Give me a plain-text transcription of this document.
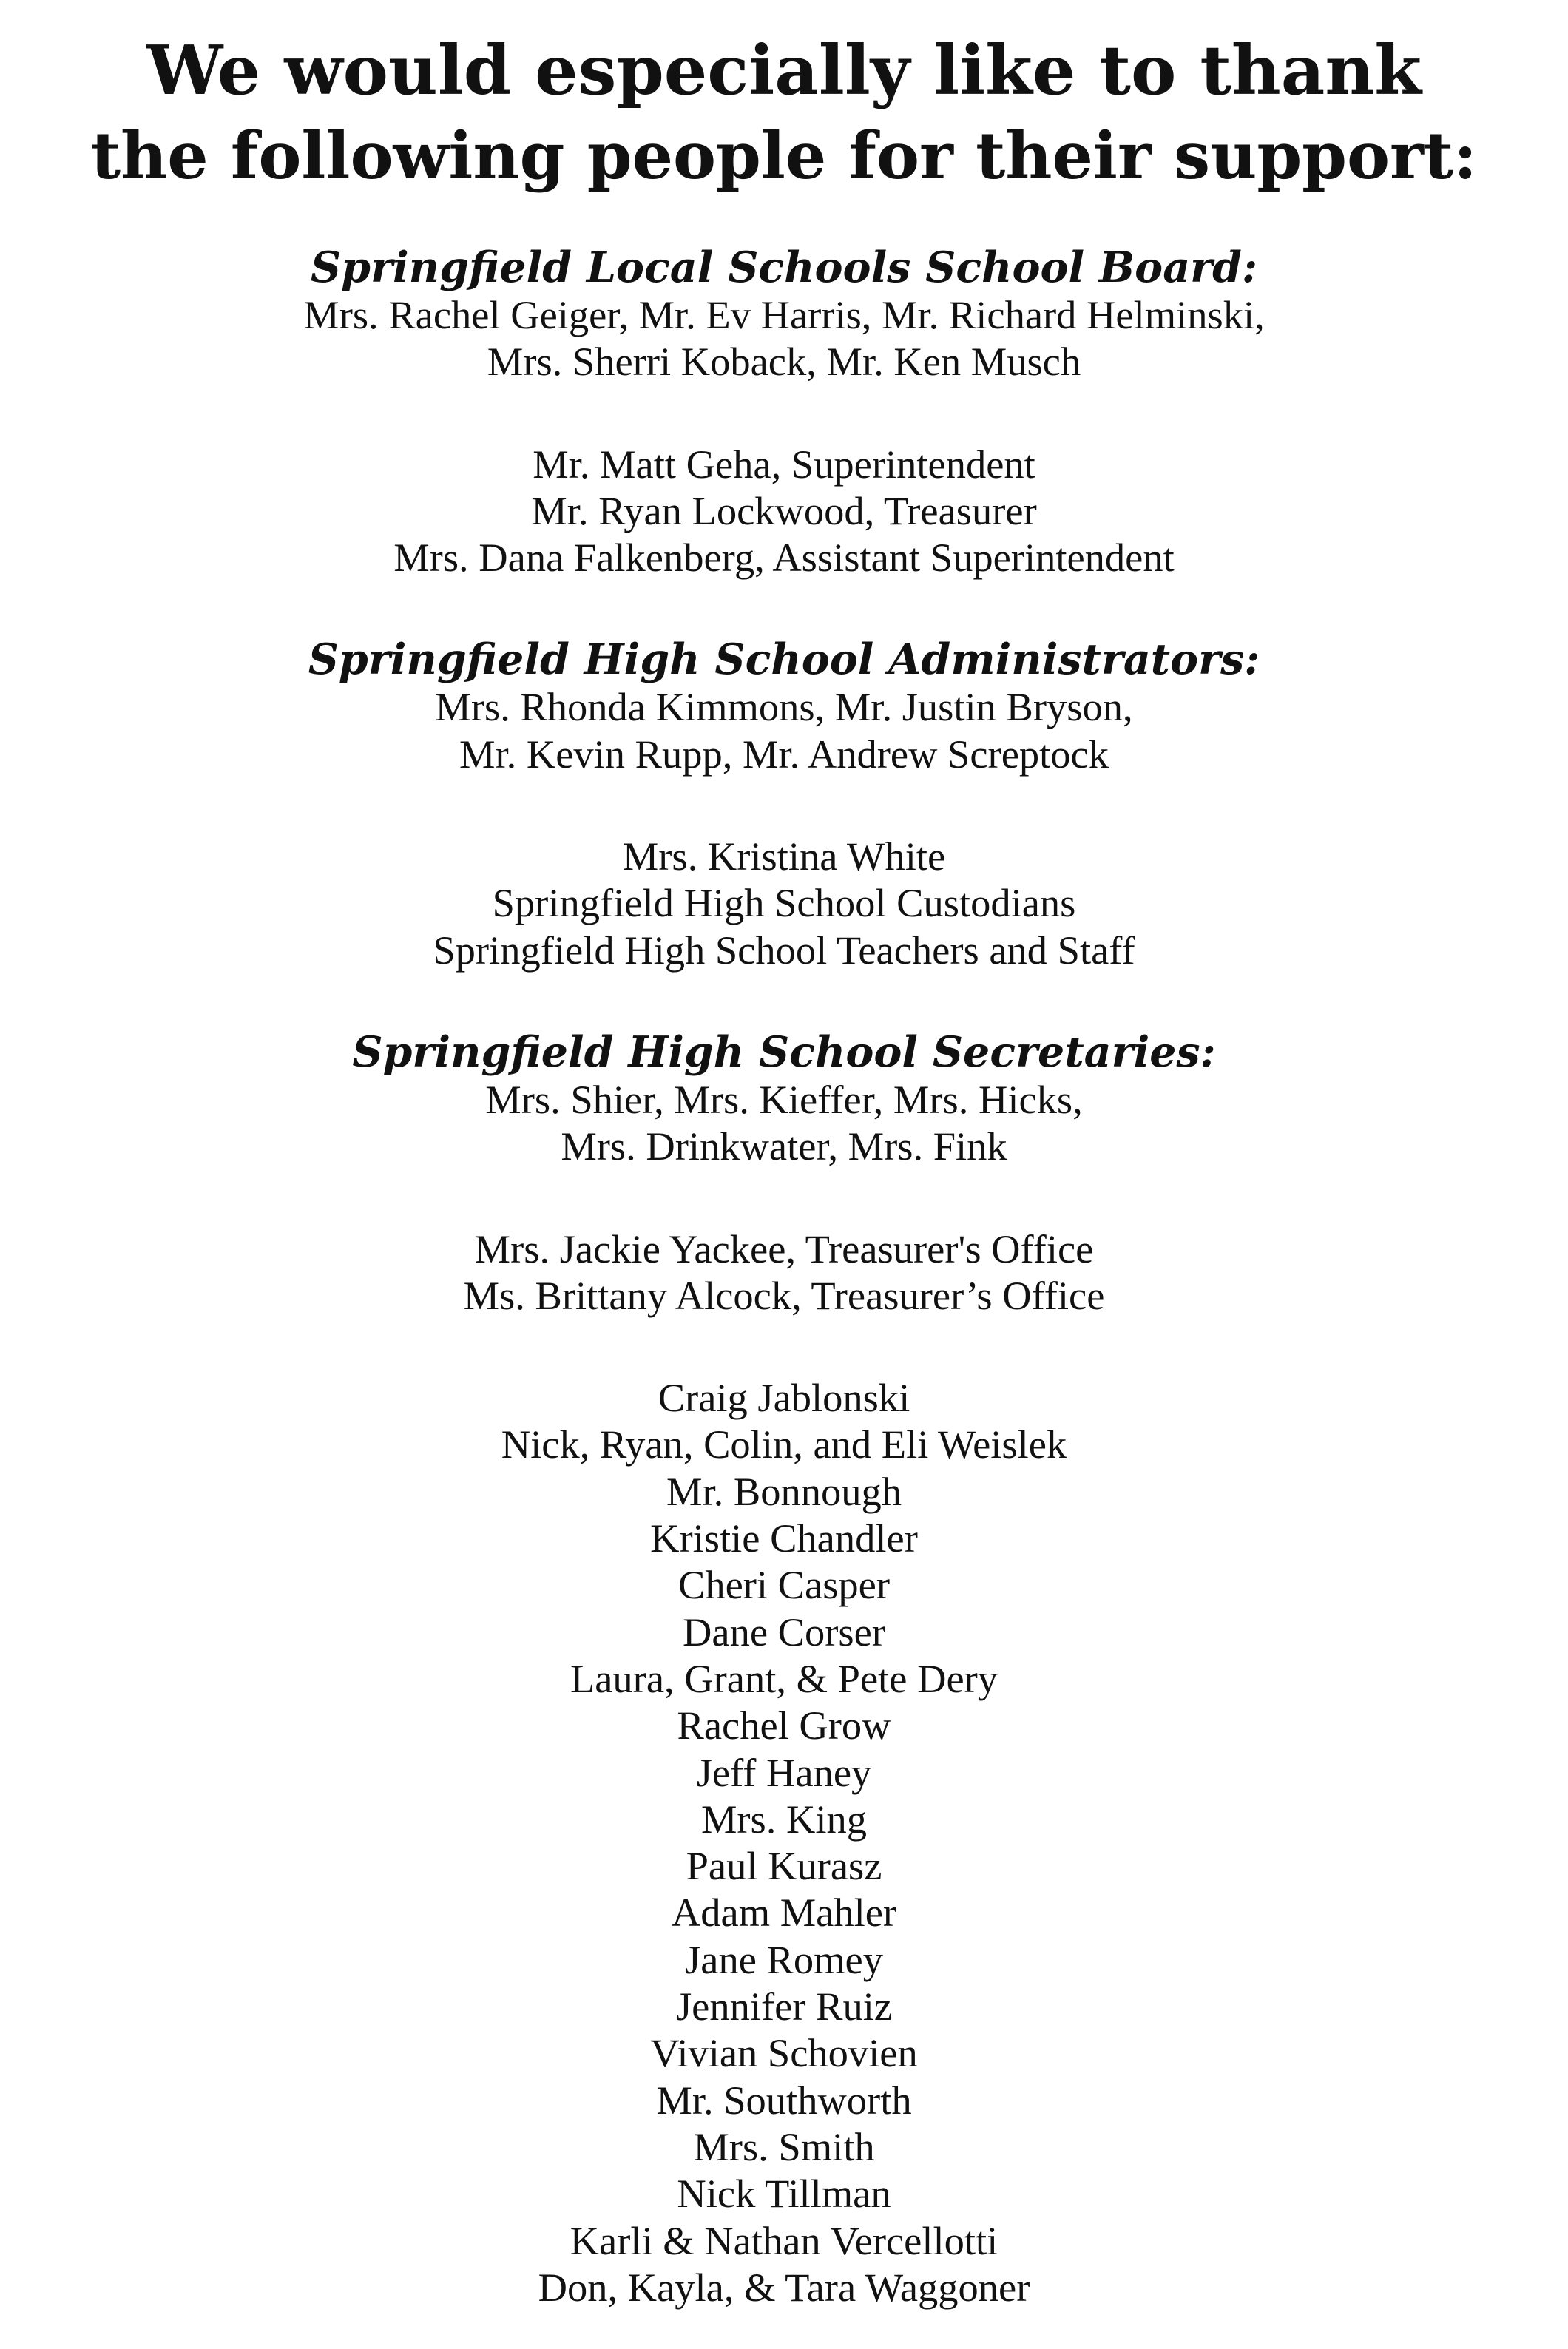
We would especially like to thank
the following people for their support:
Springfield Local Schools School Board:
Mrs. Rachel Geiger, Mr. Ev Harris, Mr. Richard Helminski,
Mrs. Sherri Koback, Mr. Ken Musch
Mr. Matt Geha, Superintendent
Mr. Ryan Lockwood, Treasurer
Mrs. Dana Falkenberg, Assistant Superintendent
Springfield High School Administrators:
Mrs. Rhonda Kimmons, Mr. Justin Bryson,
Mr. Kevin Rupp, Mr. Andrew Screptock
Mrs. Kristina White
Springfield High School Custodians
Springfield High School Teachers and Staff
Springfield High School Secretaries:
Mrs. Shier, Mrs. Kieffer, Mrs. Hicks,
Mrs. Drinkwater, Mrs. Fink
Mrs. Jackie Yackee, Treasurer's Office
Ms. Brittany Alcock, Treasurer’s Office
Craig Jablonski
Nick, Ryan, Colin, and Eli Weislek
Mr. Bonnough
Kristie Chandler
Cheri Casper
Dane Corser
Laura, Grant, & Pete Dery
Rachel Grow
Jeff Haney
Mrs. King
Paul Kurasz
Adam Mahler
Jane Romey
Jennifer Ruiz
Vivian Schovien
Mr. Southworth
Mrs. Smith
Nick Tillman
Karli & Nathan Vercellotti
Don, Kayla, & Tara Waggoner
